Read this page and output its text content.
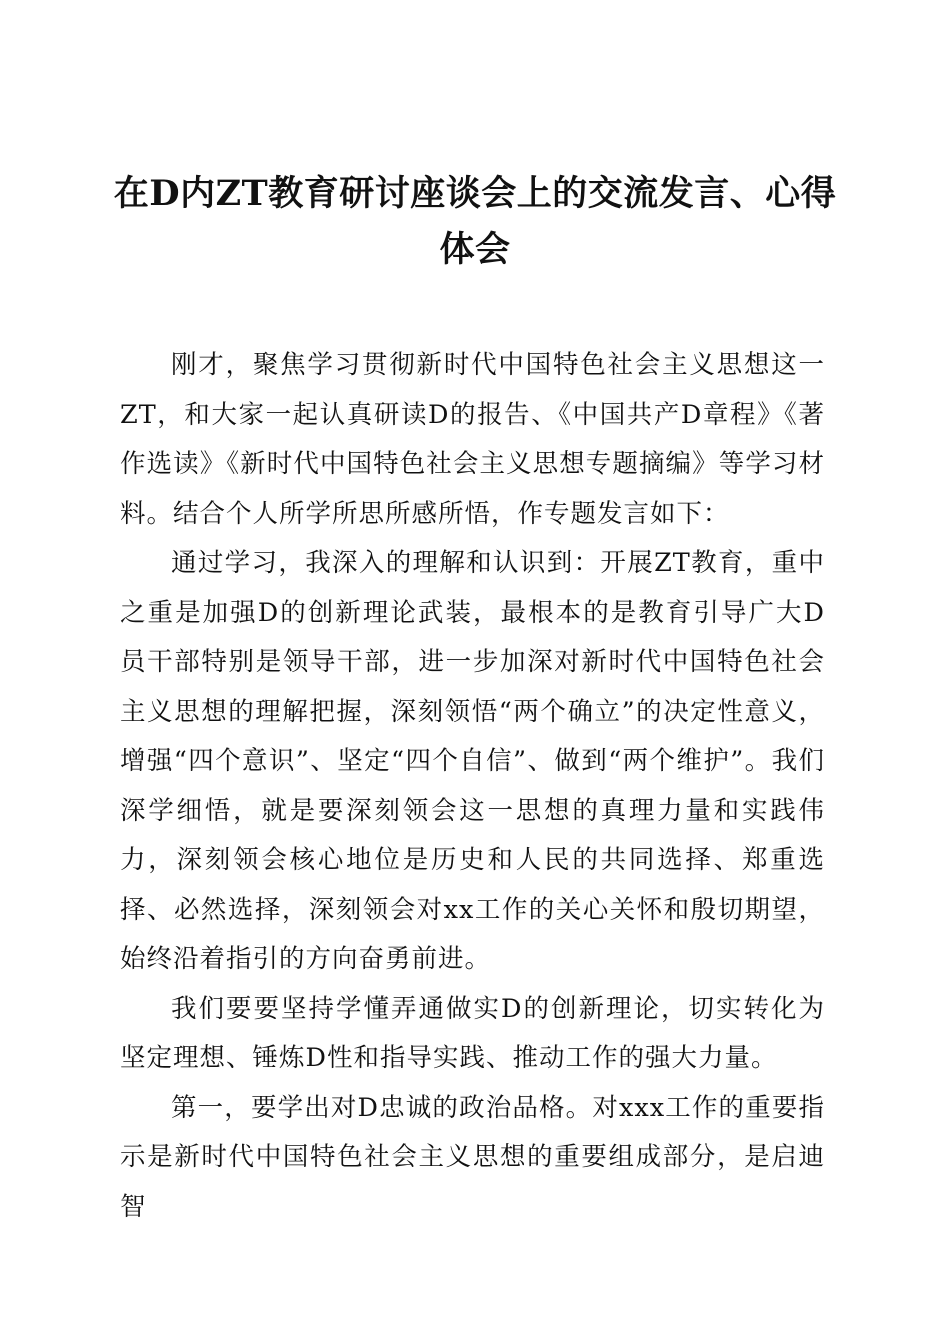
在D内ZT教育研讨座谈会上的交流发言、心得体会

刚才，聚焦学习贯彻新时代中国特色社会主义思想这一ZT，和大家一起认真研读D的报告、《中国共产D章程》《著作选读》《新时代中国特色社会主义思想专题摘编》等学习材料。结合个人所学所思所感所悟，作专题发言如下：

通过学习，我深入的理解和认识到：开展ZT教育，重中之重是加强D的创新理论武装，最根本的是教育引导广大D员干部特别是领导干部，进一步加深对新时代中国特色社会主义思想的理解把握，深刻领悟“两个确立”的决定性意义，增强“四个意识”、坚定“四个自信”、做到“两个维护”。我们深学细悟，就是要深刻领会这一思想的真理力量和实践伟力，深刻领会核心地位是历史和人民的共同选择、郑重选择、必然选择，深刻领会对xx工作的关心关怀和殷切期望，始终沿着指引的方向奋勇前进。

我们要要坚持学懂弄通做实D的创新理论，切实转化为坚定理想、锤炼D性和指导实践、推动工作的强大力量。

第一，要学出对D忠诚的政治品格。对xxx工作的重要指示是新时代中国特色社会主义思想的重要组成部分，是启迪智
